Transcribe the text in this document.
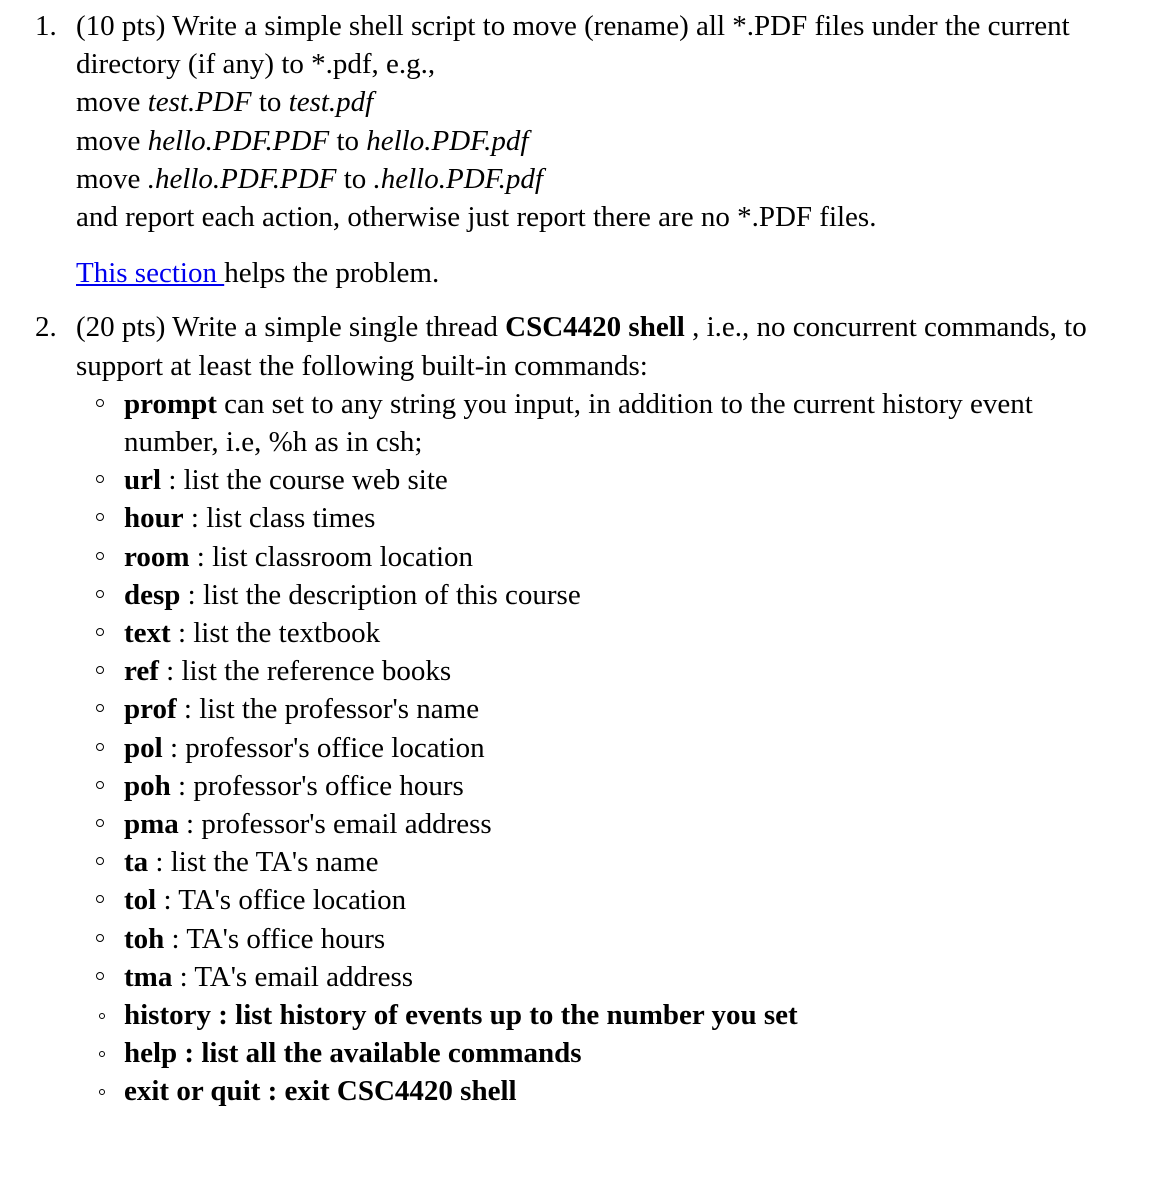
1. (10 pts) Write a simple shell script to move (rename) all *.PDF files under the current
directory (if any) to *.pdf, e.g.,
move test.PDF to test.pdf
move hello.PDF.PDF to hello.PDF.pdf
move .hello.PDF.PDF to .hello.PDF.pdf
and report each action, otherwise just report there are no *.PDF files.
This section helps the problem.
2. (20 pts) Write a simple single thread CSC4420 shell , i.e., no concurrent commands, to
support at least the following built-in commands:
prompt can set to any string you input, in addition to the current history event
number, i.e, %h as in csh;
url : list the course web site
hour : list class times
room : list classroom location
desp : list the description of this course
text : list the textbook
ref : list the reference books
prof : list the professor's name
pol : professor's office location
poh : professor's office hours
pma : professor's email address
ta : list the TA's name
tol : TA's office location
toh : TA's office hours
tma : TA's email address
history : list history of events up to the number you set
help : list all the available commands
exit or quit : exit CSC4420 shell
